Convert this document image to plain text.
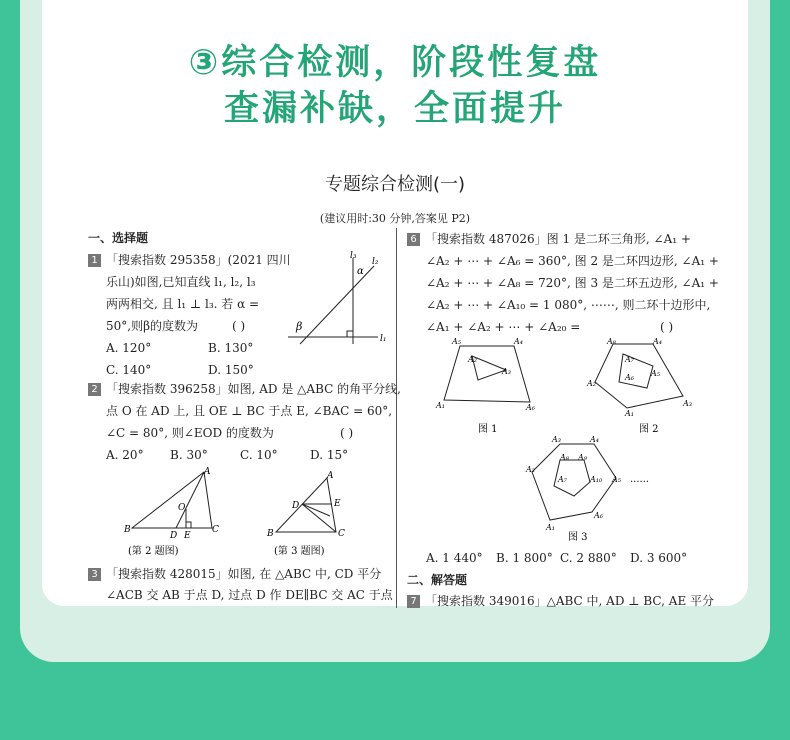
③综合检测，阶段性复盘
查漏补缺，全面提升
专题综合检测(一)
(建议用时:30 分钟,答案见 P2)
一、选择题
1 「搜索指数 295358」(2021 四川
乐山)如图,已知直线 l₁, l₂, l₃
两两相交, 且 l₁ ⊥ l₃. 若 α =
50°,则β的度数为	( )
A. 120°	B. 130°
C. 140°	D. 150°
l₁
l₂
l₃
α
β
2 「搜索指数 396258」如图, AD 是 △ABC 的角平分线,
点 O 在 AD 上, 且 OE ⊥ BC 于点 E, ∠BAC = 60°,
∠C = 80°, 则∠EOD 的度数为	( )
A. 20° B. 30°	C. 10°	D. 15°
A
B	C
D E
O
(第 2 题图)
A
B	C
D	E
(第 3 题图)
3 「搜索指数 428015」如图, 在 △ABC 中, CD 平分
∠ACB 交 AB 于点 D, 过点 D 作 DE∥BC 交 AC 于点
6 「搜索指数 487026」图 1 是二环三角形, ∠A₁ +
∠A₂ + ⋯ + ∠A₆ = 360°, 图 2 是二环四边形, ∠A₁ +
∠A₂ + ⋯ + ∠A₈ = 720°, 图 3 是二环五边形, ∠A₁ +
∠A₂ + ⋯ + ∠A₁₀ = 1 080°, ⋯⋯, 则二环十边形中,
∠A₁ + ∠A₂ + ⋯ + ∠A₂₀ =	( )
A₅	A₄
A₁	A₆
A₂
A₃
图 1
A₈	A₄
A₂
A₃
A₁
A₇
A₆ A₅
图 2
A₃	A₄
A₂
A₁
A₆
A₅
A₈ A₉
A₇	A₁₀	......
图 3
A. 1 440° B. 1 800° C. 2 880° D. 3 600°
二、解答题
7 「搜索指数 349016」△ABC 中, AD ⊥ BC, AE 平分
